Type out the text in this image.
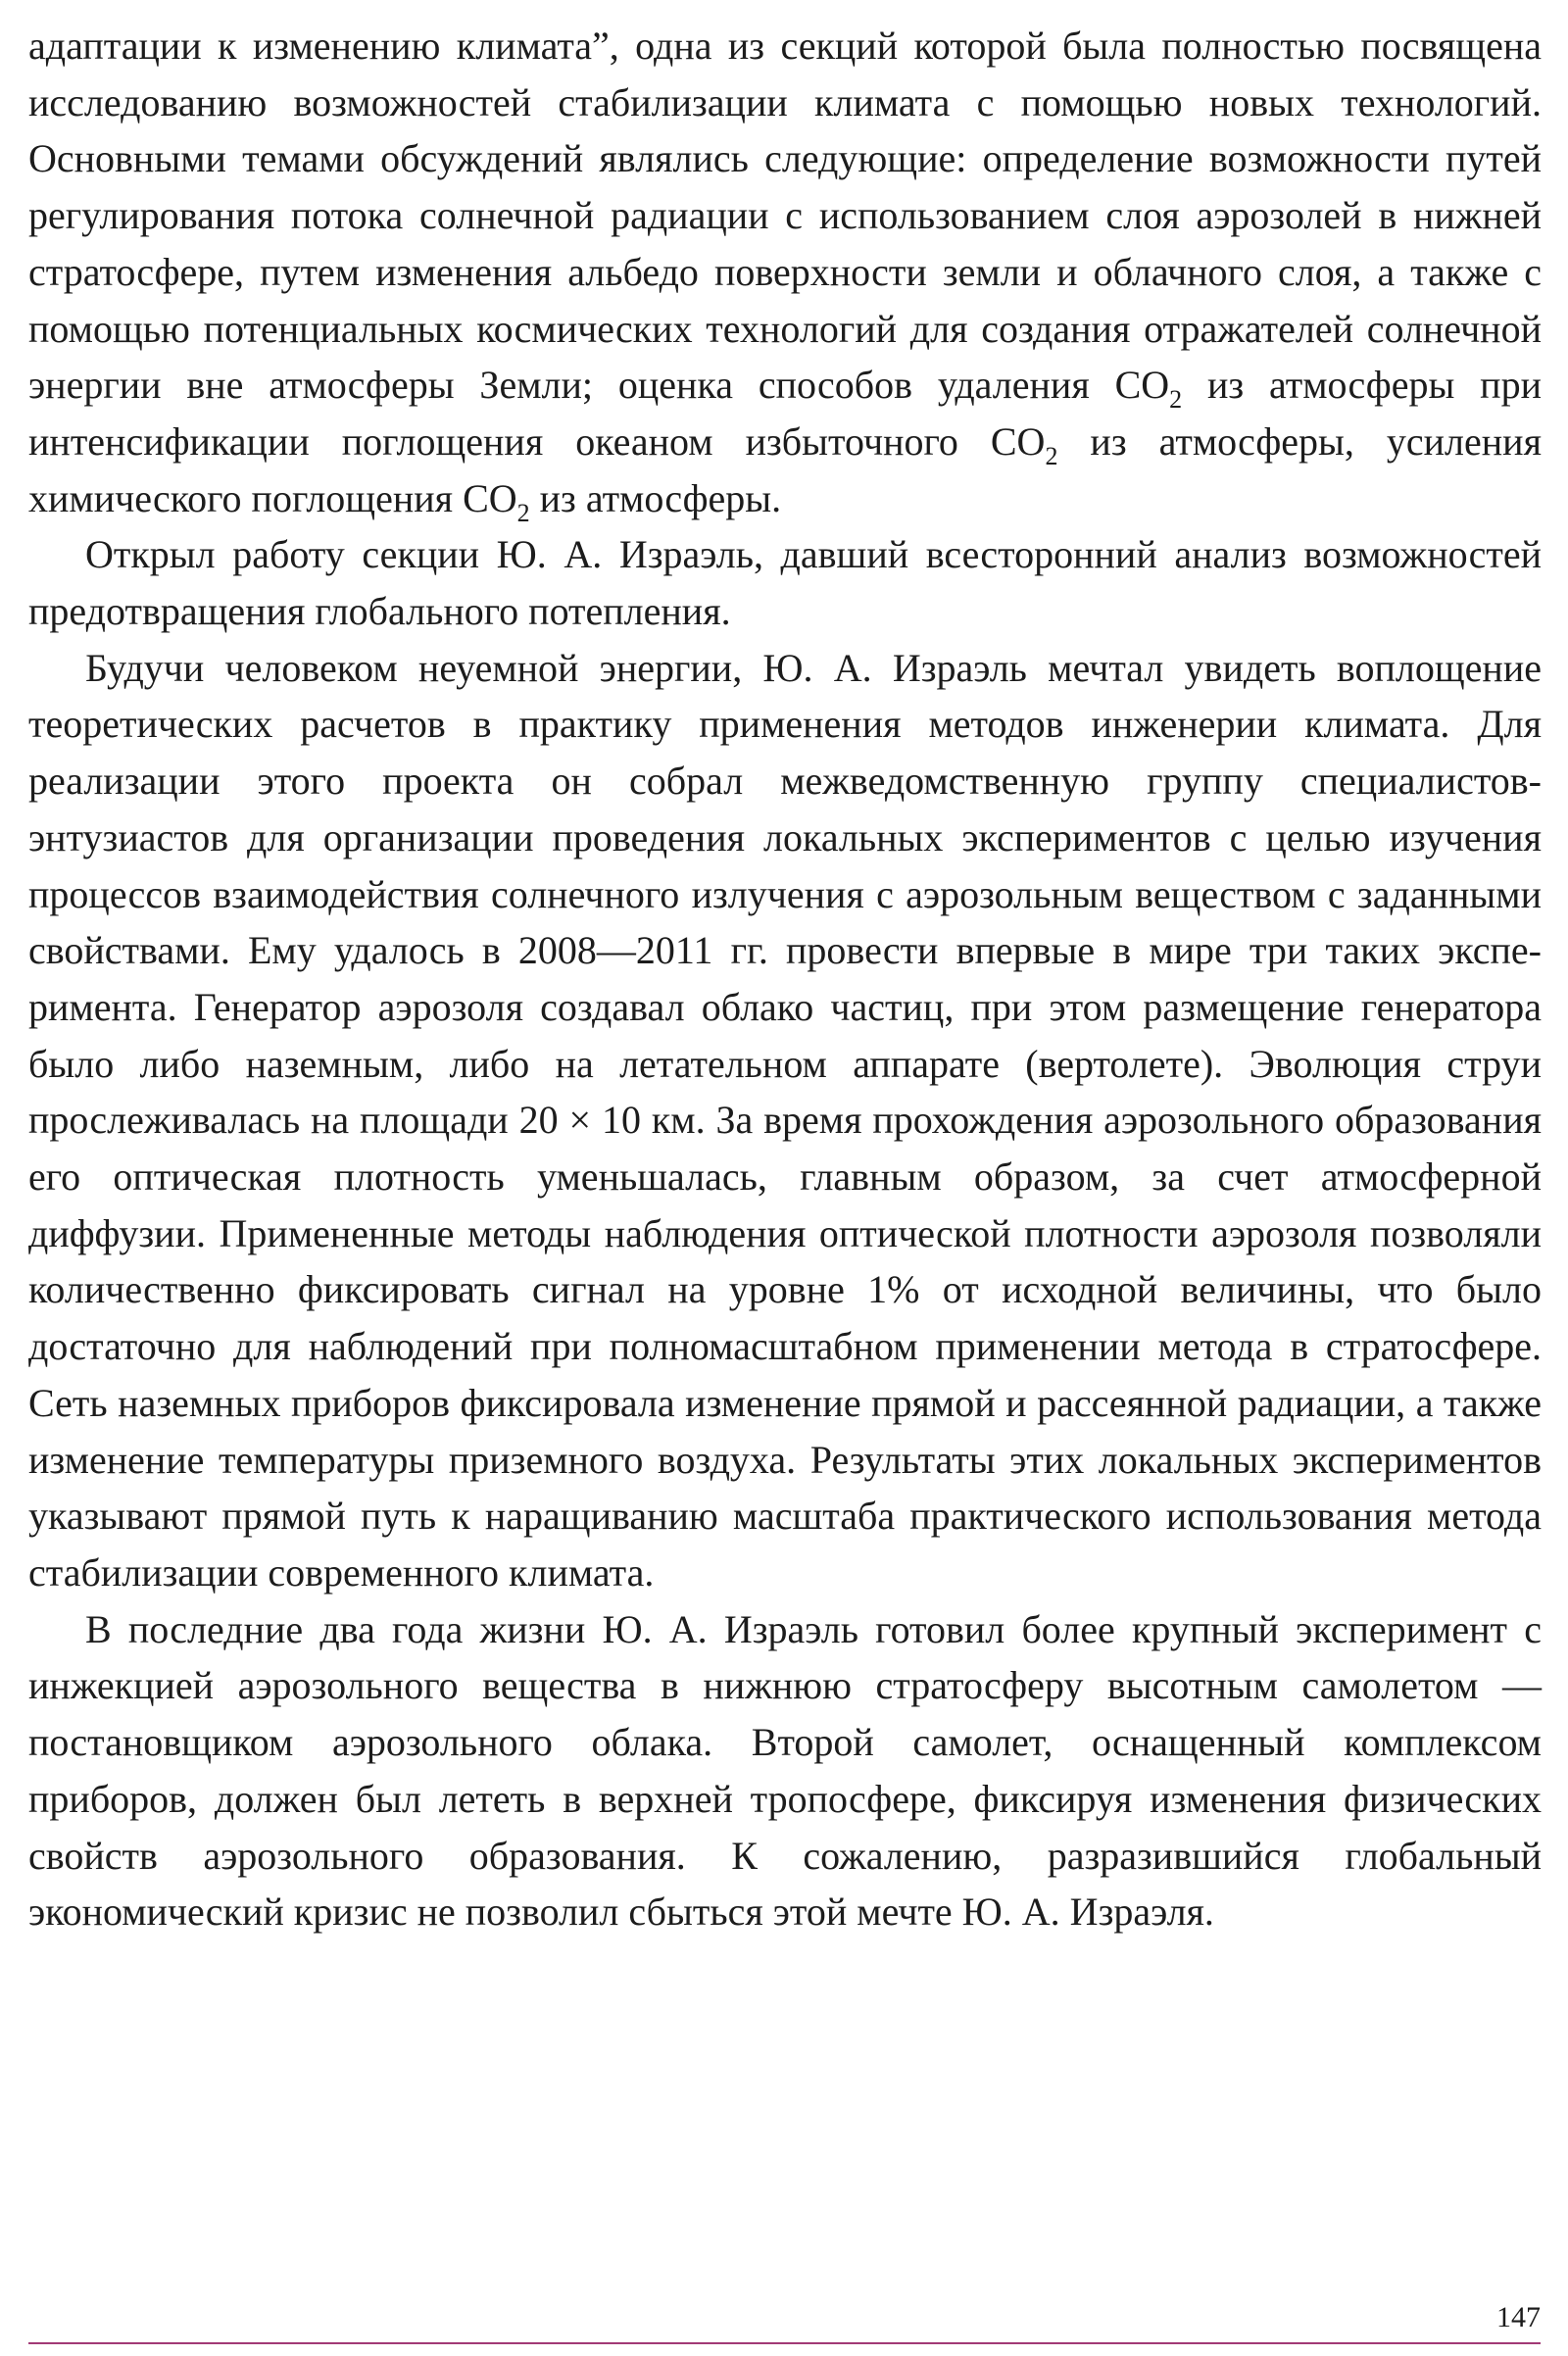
адаптации к изменению климата”, одна из секций которой была полностью посвящена исследованию возможностей стабилизации климата с помощью новых технологий. Основными темами обсуждений являлись следующие: определение возможности путей регулирования потока солнечной радиации с использованием слоя аэрозолей в нижней стратосфере, путем изменения альбедо поверхности земли и облачного слоя, а также с помощью потенциальных космических технологий для создания отражателей солнечной энергии вне атмосферы Земли; оценка способов удаления $CO_2$ из атмосферы при интенсификации поглощения океаном избыточного $CO_2$ из атмосферы, усиления химического поглощения $CO_2$ из атмосферы.

Открыл работу секции Ю. А. Израэль, давший всесторонний анализ возможностей предотвращения глобального потепления.

Будучи человеком неуемной энергии, Ю. А. Израэль мечтал увидеть воплощение теоретических расчетов в практику применения методов инженерии климата. Для реализации этого проекта он собрал межведомственную группу специалистов-энтузиастов для организации проведения локальных экспериментов с целью изучения процессов взаимодействия солнечного излучения с аэрозольным веществом с заданными свойствами. Ему удалось в 2008—2011 гг. провести впервые в мире три таких эксперимента. Генератор аэрозоля создавал облако частиц, при этом размещение генератора было либо наземным, либо на летательном аппарате (вертолете). Эволюция струи прослеживалась на площади 20 × 10 км. За время прохождения аэрозольного образования его оптическая плотность уменьшалась, главным образом, за счет атмосферной диффузии. Примененные методы наблюдения оптической плотности аэрозоля позволяли количественно фиксировать сигнал на уровне 1% от исходной величины, что было достаточно для наблюдений при полномасштабном применении метода в стратосфере. Сеть наземных приборов фиксировала изменение прямой и рассеянной радиации, а также изменение температуры приземного воздуха. Результаты этих локальных экспериментов указывают прямой путь к наращиванию масштаба практического использования метода стабилизации современного климата.

В последние два года жизни Ю. А. Израэль готовил более крупный эксперимент с инжекцией аэрозольного вещества в нижнюю стратосферу высотным самолетом — постановщиком аэрозольного облака. Второй самолет, оснащенный комплексом приборов, должен был лететь в верхней тропосфере, фиксируя изменения физических свойств аэрозольного образования. К сожалению, разразившийся глобальный экономический кризис не позволил сбыться этой мечте Ю. А. Израэля.

147
